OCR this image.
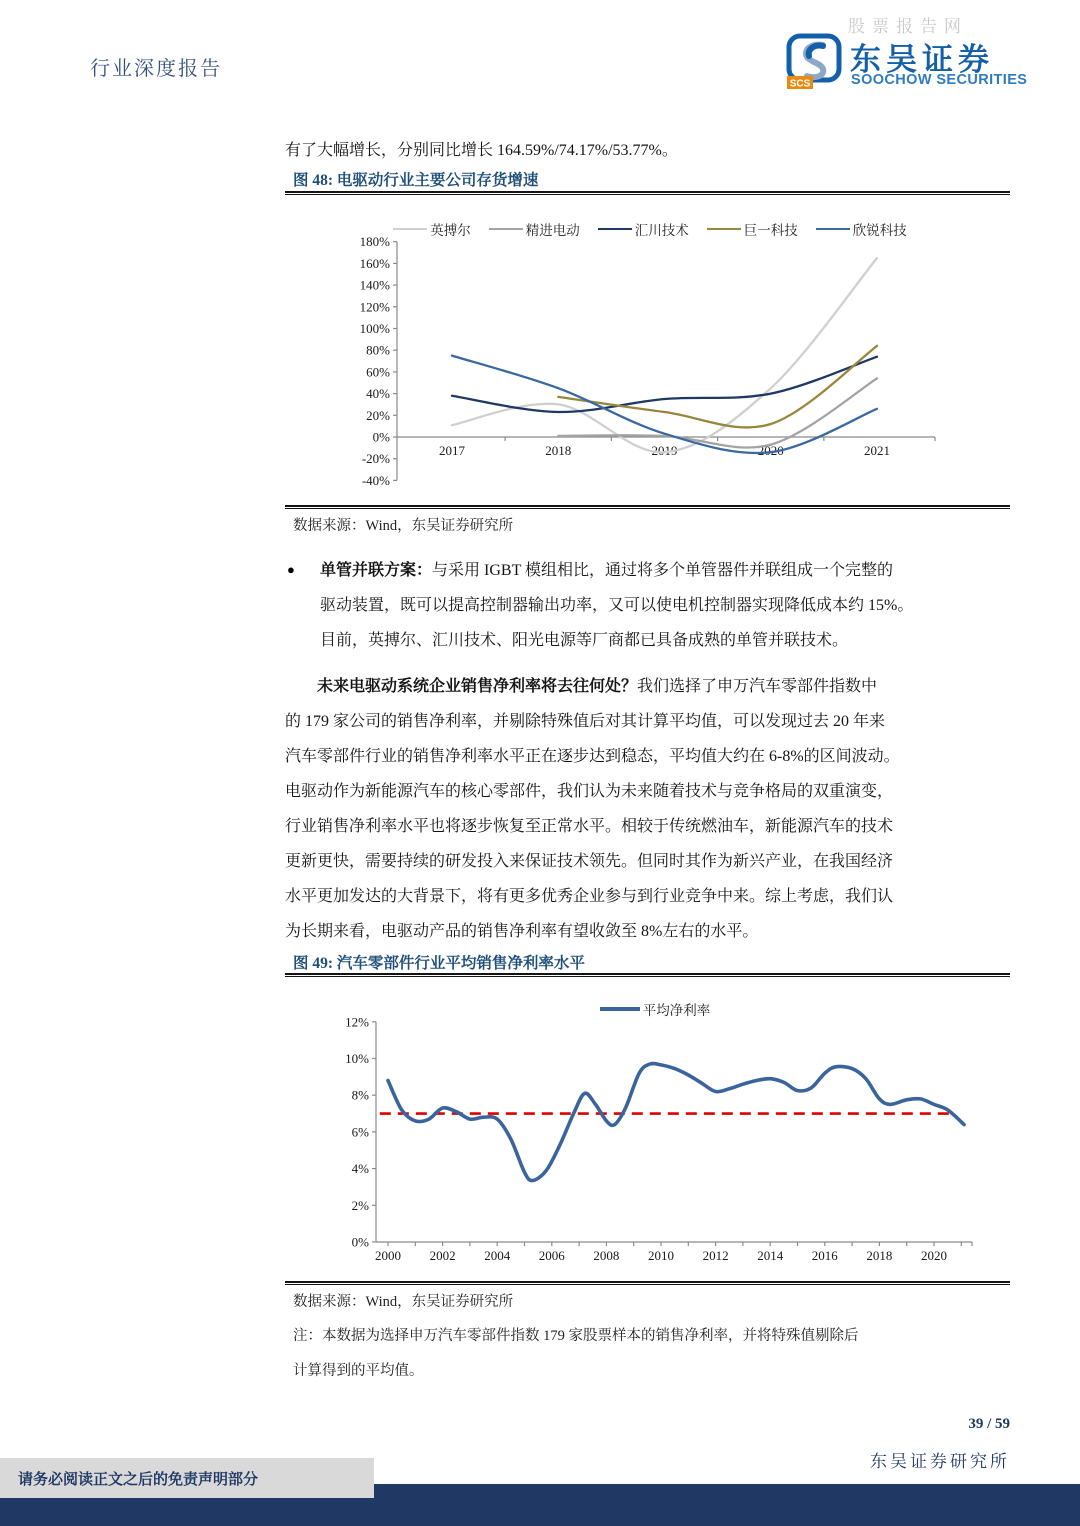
股票报告网
行业深度报告
SCS
东吴证券
SOOCHOW SECURITIES
有了大幅增长，分别同比增长 164.59%/74.17%/53.77%。
图 48: 电驱动行业主要公司存货增速
英搏尔	精进电动	汇川技术	巨一科技	欣锐科技
-40%
-20%
0%
20%
40%
60%
80%
100%
120%
140%
160%
180%
2017	2018	2019	2020	2021
数据来源：Wind，东吴证券研究所
● 单管并联方案：与采用 IGBT 模组相比，通过将多个单管器件并联组成一个完整的
驱动装置，既可以提高控制器输出功率，又可以使电机控制器实现降低成本约 15%。
目前，英搏尔、汇川技术、阳光电源等厂商都已具备成熟的单管并联技术。
未来电驱动系统企业销售净利率将去往何处？我们选择了申万汽车零部件指数中
的 179 家公司的销售净利率，并剔除特殊值后对其计算平均值，可以发现过去 20 年来
汽车零部件行业的销售净利率水平正在逐步达到稳态，平均值大约在 6-8%的区间波动。
电驱动作为新能源汽车的核心零部件，我们认为未来随着技术与竞争格局的双重演变，
行业销售净利率水平也将逐步恢复至正常水平。相较于传统燃油车，新能源汽车的技术
更新更快，需要持续的研发投入来保证技术领先。但同时其作为新兴产业，在我国经济
水平更加发达的大背景下，将有更多优秀企业参与到行业竞争中来。综上考虑，我们认
为长期来看，电驱动产品的销售净利率有望收敛至 8%左右的水平。
图 49: 汽车零部件行业平均销售净利率水平
平均净利率
0%
2%
4%
6%
8%
10%
12%
2000 2002 2004 2006 2008 2010 2012 2014 2016 2018 2020
数据来源：Wind，东吴证券研究所
注：本数据为选择申万汽车零部件指数 179 家股票样本的销售净利率，并将特殊值剔除后
计算得到的平均值。
39 / 59
东吴证券研究所
请务必阅读正文之后的免责声明部分
